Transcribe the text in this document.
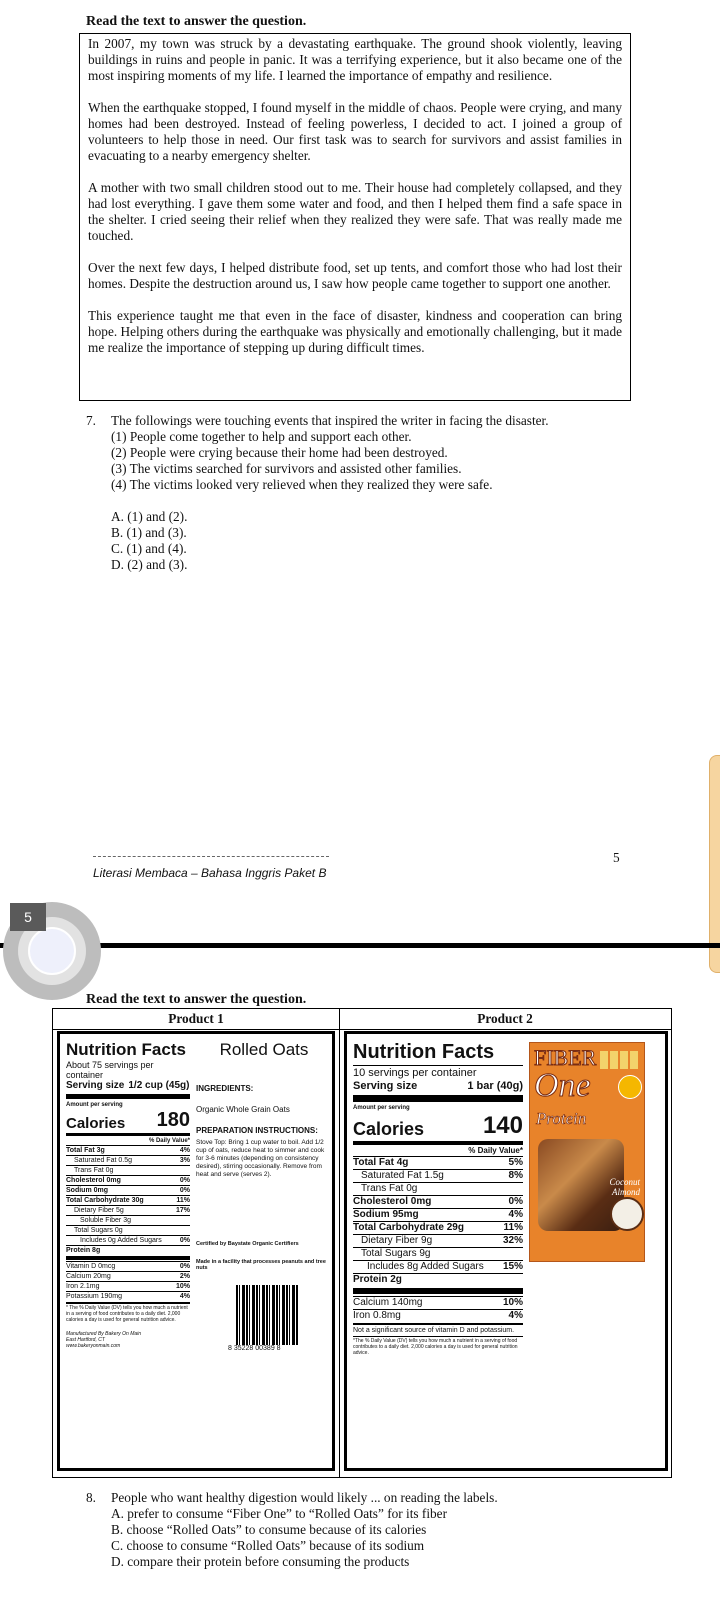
Read the text to answer the question.

In 2007, my town was struck by a devastating earthquake. The ground shook violently, leaving buildings in ruins and people in panic. It was a terrifying experience, but it also became one of the most inspiring moments of my life. I learned the importance of empathy and resilience.

When the earthquake stopped, I found myself in the middle of chaos. People were crying, and many homes had been destroyed. Instead of feeling powerless, I decided to act. I joined a group of volunteers to help those in need. Our first task was to search for survivors and assist families in evacuating to a nearby emergency shelter.

A mother with two small children stood out to me. Their house had completely collapsed, and they had lost everything. I gave them some water and food, and then I helped them find a safe space in the shelter. I cried seeing their relief when they realized they were safe. That was really made me touched.

Over the next few days, I helped distribute food, set up tents, and comfort those who had lost their homes. Despite the destruction around us, I saw how people came together to support one another.

This experience taught me that even in the face of disaster, kindness and cooperation can bring hope. Helping others during the earthquake was physically and emotionally challenging, but it made me realize the importance of stepping up during difficult times.

7.	The followings were touching events that inspired the writer in facing the disaster.
(1) People come together to help and support each other.
(2) People were crying because their home had been destroyed.
(3) The victims searched for survivors and assisted other families.
(4) The victims looked very relieved when they realized they were safe.
A. (1) and (2).
B. (1) and (3).
C. (1) and (4).
D. (2) and (3).
5
Literasi Membaca – Bahasa Inggris Paket B
5
Read the text to answer the question.
Product 1	Product 2
Nutrition Facts
About 75 servings per container
Serving size 1/2 cup (45g)
Amount per serving
Calories 180
% Daily Value*
Total Fat 3g	4%
Saturated Fat 0.5g	3%
Trans Fat 0g
Cholesterol 0mg	0%
Sodium 0mg	0%
Total Carbohydrate 30g	11%
Dietary Fiber 5g	17%
Soluble Fiber 3g
Total Sugars 0g
Includes 0g Added Sugars	0%
Protein 8g
Vitamin D 0mcg	0%
Calcium 20mg	2%
Iron 2.1mg	10%
Potassium 190mg	4%
* The % Daily Value (DV) tells you how much a nutrient in a serving of food contributes to a daily diet. 2,000 calories a day is used for general nutrition advice.
Manufactured By Bakery On Main
East Hartford, CT
www.bakeryonmain.com
Rolled Oats
INGREDIENTS:
Organic Whole Grain Oats
PREPARATION INSTRUCTIONS:
Stove Top: Bring 1 cup water to boil. Add 1/2 cup of oats, reduce heat to simmer and cook for 3-6 minutes (depending on consistency desired), stirring occasionally. Remove from heat and serve (serves 2).
Certified by Baystate Organic Certifiers
Made in a facility that processes peanuts and tree nuts
8 35228 00389 8
Nutrition Facts
10 servings per container
Serving size	1 bar (40g)
Amount per serving
Calories 140
% Daily Value*
Total Fat 4g	5%
Saturated Fat 1.5g	8%
Trans Fat 0g
Cholesterol 0mg	0%
Sodium 95mg	4%
Total Carbohydrate 29g	11%
Dietary Fiber 9g	32%
Total Sugars 9g
Includes 8g Added Sugars 15%
Protein 2g
Calcium 140mg	10%
Iron 0.8mg	4%
Not a significant source of vitamin D and potassium.
*The % Daily Value (DV) tells you how much a nutrient in a serving of food contributes to a daily diet. 2,000 calories a day is used for general nutrition advice.
FIBER
One
Protein
Coconut Almond
8.	People who want healthy digestion would likely ... on reading the labels.
A. prefer to consume “Fiber One” to “Rolled Oats” for its fiber
B. choose “Rolled Oats” to consume because of its calories
C. choose to consume “Rolled Oats” because of its sodium
D. compare their protein before consuming the products
